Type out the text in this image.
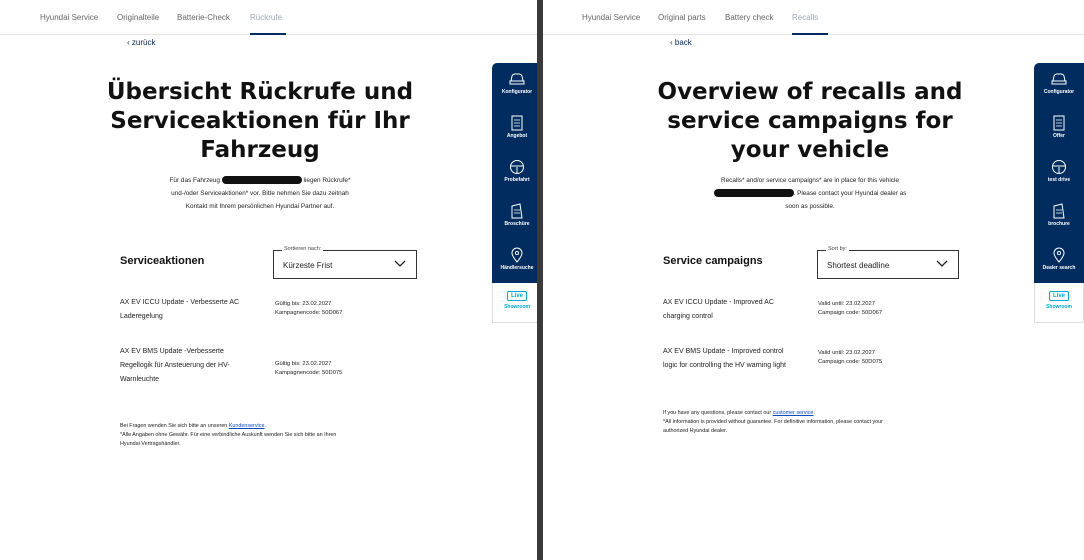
Hyundai Service Originalteile Batterie-Check	Rückrufe
‹ zurück
Übersicht Rückrufe und
Serviceaktionen für Ihr
Fahrzeug
Für das Fahrzeug	liegen Rückrufe*
und-/oder Serviceaktionen* vor. Bitte nehmen Sie dazu zeitnah
Kontakt mit Ihrem persönlichen Hyundai Partner auf.
Serviceaktionen
Sortieren nach:
Kürzeste Frist
AX EV ICCU Update - Verbesserte AC
Laderegelung
Gültig bis: 23.02.2027
Kampagnencode: 50D067
AX EV BMS Update -Verbesserte
Regellogik für Ansteuerung der HV-
Warnleuchte
Gültig bis: 23.02.2027
Kampagnencode: 50D075
Bei Fragen wenden Sie sich bitte an unseren Kundenservice.
*Alle Angaben ohne Gewähr. Für eine verbindliche Auskunft wenden Sie sich bitte an Ihren
Hyundai Vertragshändler.
Konfigurator
Angebot
Probefahrt
Broschüre
Händlersuche
Live
Showroom
Hyundai Service Original parts Battery check Recalls
‹ back
Overview of recalls and
service campaigns for
your vehicle
Recalls* and/or service campaigns* are in place for this vehicle
. Please contact your Hyundai dealer as
soon as possible.
Service campaigns
Sort by:
Shortest deadline
AX EV ICCU Update - Improved AC
charging control
Valid until: 23.02.2027
Campaign code: 50D067
AX EV BMS Update - Improved control
logic for controlling the HV warning light
Valid until: 23.02.2027
Campaign code: 50D075
If you have any questions, please contact our customer service.
*All information is provided without guarantee. For definitive information, please contact your
authorized Hyundai dealer.
Configurator
Offer
test drive
brochure
Dealer search
Live
Showroom
